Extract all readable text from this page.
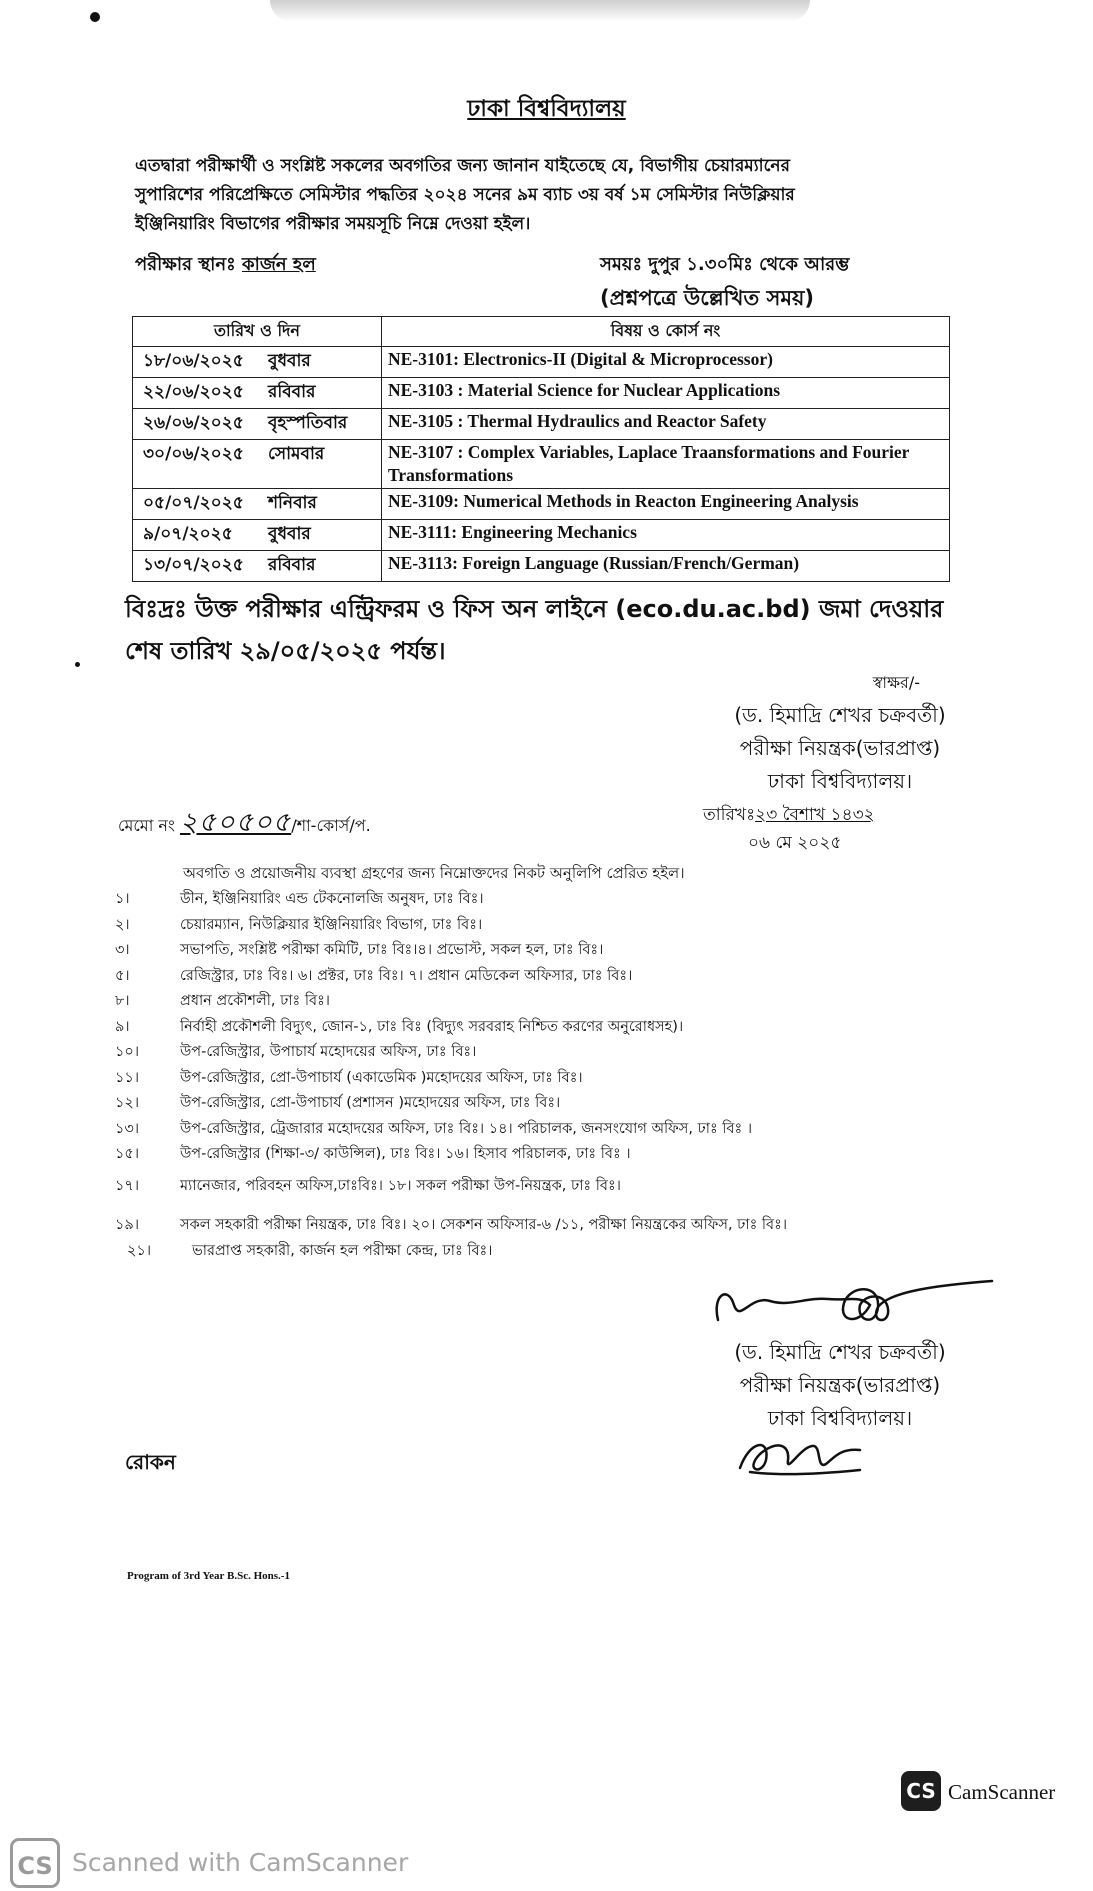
ঢাকা বিশ্ববিদ্যালয়
এতদ্বারা পরীক্ষার্থী ও সংশ্লিষ্ট সকলের অবগতির জন্য জানান যাইতেছে যে, বিভাগীয় চেয়ারম্যানের
সুপারিশের পরিপ্রেক্ষিতে সেমিস্টার পদ্ধতির ২০২৪ সনের ৯ম ব্যাচ ৩য় বর্ষ ১ম সেমিস্টার নিউক্লিয়ার
ইঞ্জিনিয়ারিং বিভাগের পরীক্ষার সময়সূচি নিম্নে দেওয়া হইল।
পরীক্ষার স্থানঃ কার্জন হল	সময়ঃ দুপুর ১.৩০মিঃ থেকে আরম্ভ
(প্রশ্নপত্রে উল্লেখিত সময়)
তারিখ ও দিন	বিষয় ও কোর্স নং
১৮/০৬/২০২৫ বুধবার	NE-3101: Electronics-II (Digital & Microprocessor)
২২/০৬/২০২৫ রবিবার	NE-3103 : Material Science for Nuclear Applications
২৬/০৬/২০২৫ বৃহস্পতিবার	NE-3105 : Thermal Hydraulics and Reactor Safety
৩০/০৬/২০২৫ সোমবার	NE-3107 : Complex Variables, Laplace Traansformations and Fourier Transformations
০৫/০৭/২০২৫ শনিবার	NE-3109: Numerical Methods in Reacton Engineering Analysis
৯/০৭/২০২৫ বুধবার	NE-3111: Engineering Mechanics
১৩/০৭/২০২৫ রবিবার	NE-3113: Foreign Language (Russian/French/German)
বিঃদ্রঃ উক্ত পরীক্ষার এন্ট্রিফরম ও ফিস অন লাইনে (eco.du.ac.bd) জমা দেওয়ার শেষ তারিখ ২৯/০৫/২০২৫ পর্যন্ত।
স্বাক্ষর/-
(ড. হিমাদ্রি শেখর চক্রবর্তী)
পরীক্ষা নিয়ন্ত্রক(ভারপ্রাপ্ত)
ঢাকা বিশ্ববিদ্যালয়।
মেমো নং ২৫০৫০৫/শা-কোর্স/প.
তারিখঃ২৩ বৈশাখ ১৪৩২
০৬ মে ২০২৫
অবগতি ও প্রয়োজনীয় ব্যবস্থা গ্রহণের জন্য নিম্নোক্তদের নিকট অনুলিপি প্রেরিত হইল।
১।	ডীন, ইঞ্জিনিয়ারিং এন্ড টেকনোলজি অনুষদ, ঢাঃ বিঃ।
২।	চেয়ারম্যান, নিউক্লিয়ার ইঞ্জিনিয়ারিং বিভাগ, ঢাঃ বিঃ।
৩।	সভাপতি, সংশ্লিষ্ট পরীক্ষা কমিটি, ঢাঃ বিঃ।৪। প্রভোস্ট, সকল হল, ঢাঃ বিঃ।
৫।	রেজিস্ট্রার, ঢাঃ বিঃ। ৬। প্রক্টর, ঢাঃ বিঃ। ৭। প্রধান মেডিকেল অফিসার, ঢাঃ বিঃ।
৮।	প্রধান প্রকৌশলী, ঢাঃ বিঃ।
৯।	নির্বাহী প্রকৌশলী বিদ্যুৎ, জোন-১, ঢাঃ বিঃ (বিদ্যুৎ সরবরাহ নিশ্চিত করণের অনুরোধসহ)।
১০।	উপ-রেজিস্ট্রার, উপাচার্য মহোদয়ের অফিস, ঢাঃ বিঃ।
১১।	উপ-রেজিস্ট্রার, প্রো-উপাচার্য (একাডেমিক )মহোদয়ের অফিস, ঢাঃ বিঃ।
১২।	উপ-রেজিস্ট্রার, প্রো-উপাচার্য (প্রশাসন )মহোদয়ের অফিস, ঢাঃ বিঃ।
১৩।	উপ-রেজিস্ট্রার, ট্রেজারার মহোদয়ের অফিস, ঢাঃ বিঃ। ১৪। পরিচালক, জনসংযোগ অফিস, ঢাঃ বিঃ ।
১৫।	উপ-রেজিস্ট্রার (শিক্ষা-৩/ কাউন্সিল), ঢাঃ বিঃ। ১৬। হিসাব পরিচালক, ঢাঃ বিঃ ।
১৭।	ম্যানেজার, পরিবহন অফিস,ঢাঃবিঃ। ১৮। সকল পরীক্ষা উপ-নিয়ন্ত্রক, ঢাঃ বিঃ।
১৯।	সকল সহকারী পরীক্ষা নিয়ন্ত্রক, ঢাঃ বিঃ। ২০। সেকশন অফিসার-৬ /১১, পরীক্ষা নিয়ন্ত্রকের অফিস, ঢাঃ বিঃ।
২১।	ভারপ্রাপ্ত সহকারী, কার্জন হল পরীক্ষা কেন্দ্র, ঢাঃ বিঃ।
(ড. হিমাদ্রি শেখর চক্রবর্তী)
পরীক্ষা নিয়ন্ত্রক(ভারপ্রাপ্ত)
ঢাকা বিশ্ববিদ্যালয়।
রোকন
Program of 3rd Year B.Sc. Hons.-1
CS CamScanner
CS Scanned with CamScanner
